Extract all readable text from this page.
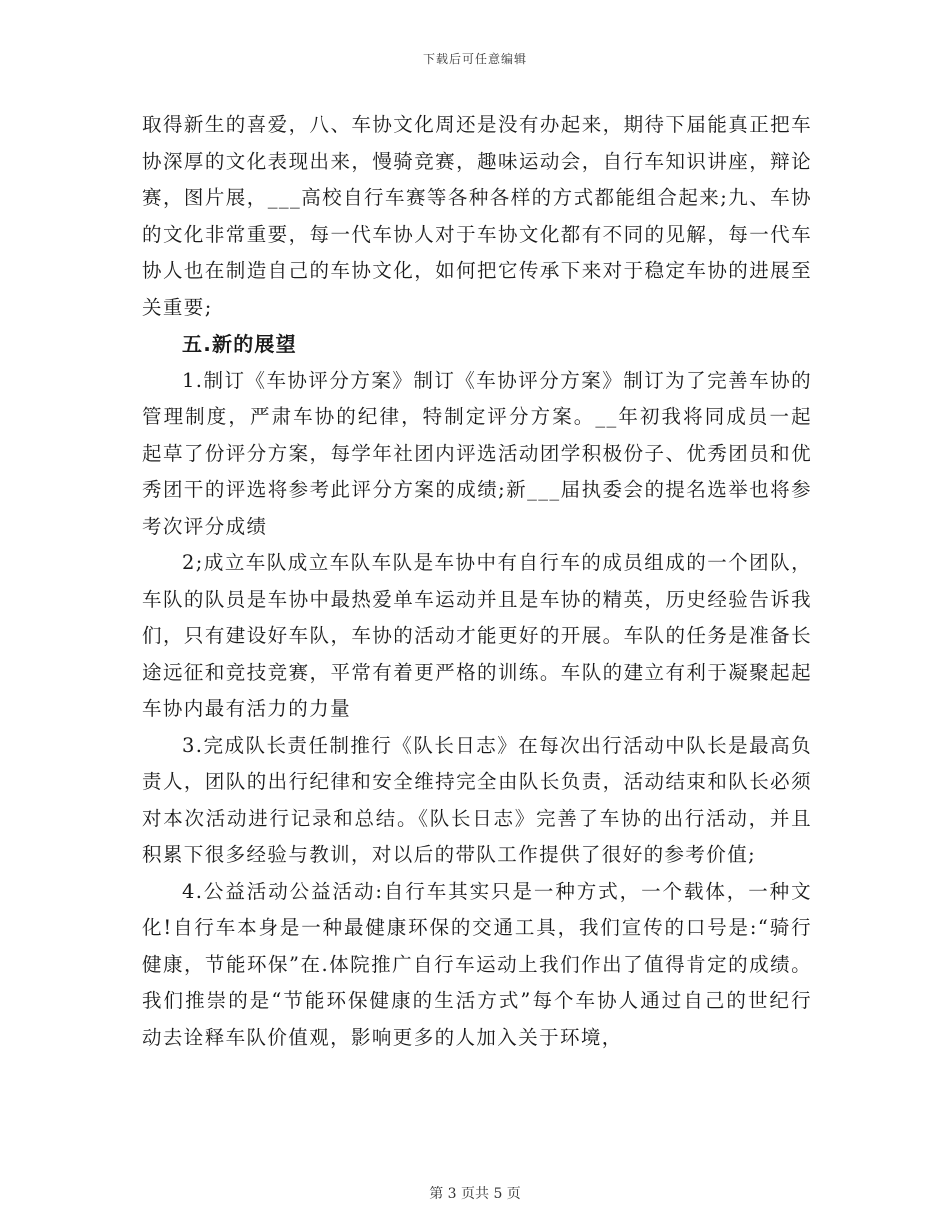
下载后可任意编辑

取得新生的喜爱，八、车协文化周还是没有办起来，期待下届能真正把车协深厚的文化表现出来，慢骑竞赛，趣味运动会，自行车知识讲座，辩论赛，图片展，___高校自行车赛等各种各样的方式都能组合起来;九、车协的文化非常重要，每一代车协人对于车协文化都有不同的见解，每一代车协人也在制造自己的车协文化，如何把它传承下来对于稳定车协的进展至关重要;

五.新的展望

1.制订《车协评分方案》制订《车协评分方案》制订为了完善车协的管理制度，严肃车协的纪律，特制定评分方案。__年初我将同成员一起起草了份评分方案，每学年社团内评选活动团学积极份子、优秀团员和优秀团干的评选将参考此评分方案的成绩;新___届执委会的提名选举也将参考次评分成绩

2;成立车队成立车队车队是车协中有自行车的成员组成的一个团队，车队的队员是车协中最热爱单车运动并且是车协的精英，历史经验告诉我们，只有建设好车队，车协的活动才能更好的开展。车队的任务是准备长途远征和竞技竞赛，平常有着更严格的训练。车队的建立有利于凝聚起起车协内最有活力的力量

3.完成队长责任制推行《队长日志》在每次出行活动中队长是最高负责人，团队的出行纪律和安全维持完全由队长负责，活动结束和队长必须对本次活动进行记录和总结。《队长日志》完善了车协的出行活动，并且积累下很多经验与教训，对以后的带队工作提供了很好的参考价值;

4.公益活动公益活动:自行车其实只是一种方式，一个载体，一种文化!自行车本身是一种最健康环保的交通工具，我们宣传的口号是:“骑行健康，节能环保”在.体院推广自行车运动上我们作出了值得肯定的成绩。我们推崇的是“节能环保健康的生活方式”每个车协人通过自己的世纪行动去诠释车队价值观，影响更多的人加入关于环境，

第 3 页共 5 页
